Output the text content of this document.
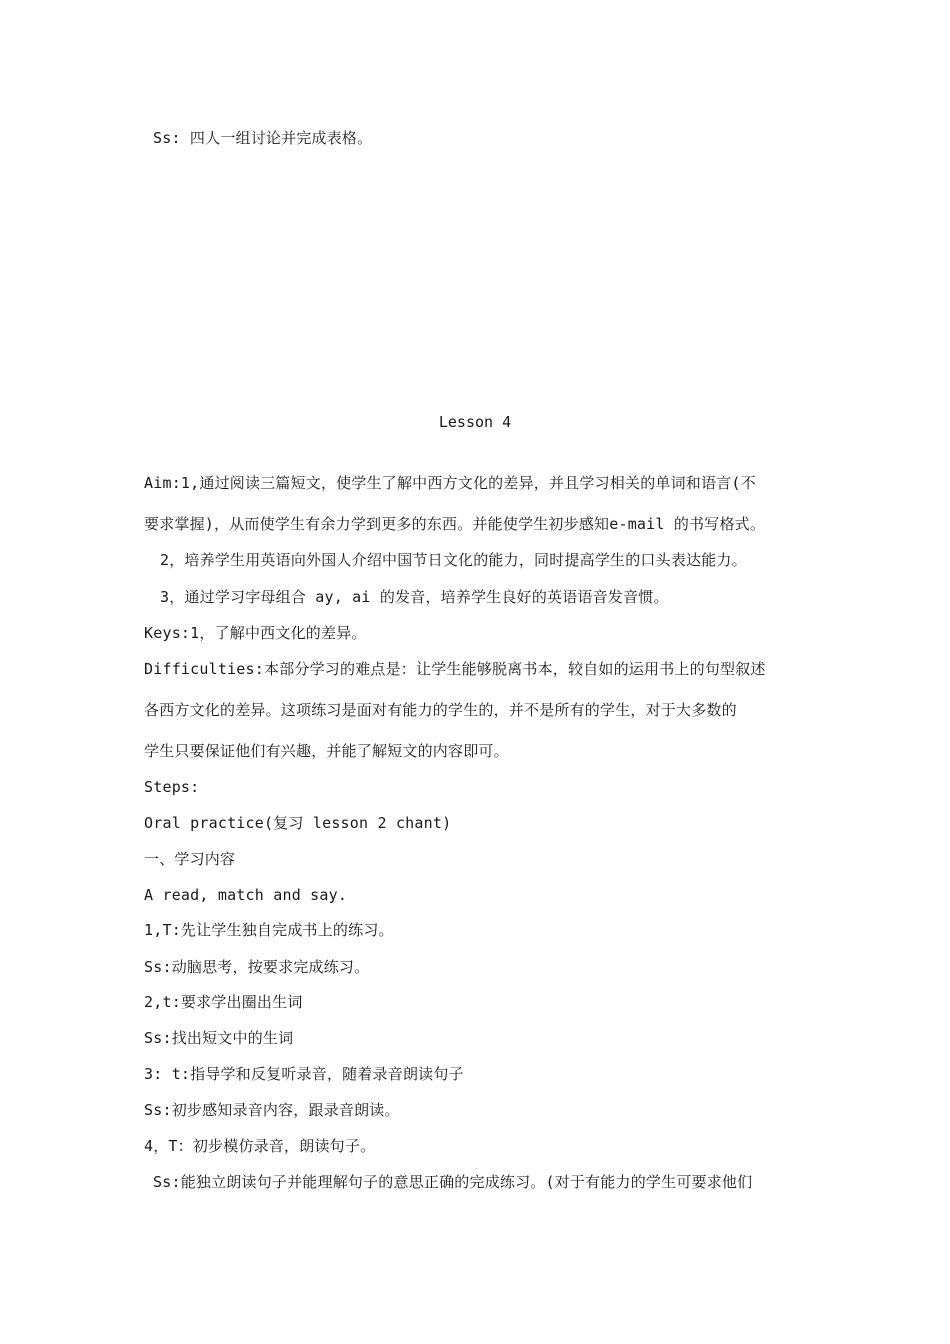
Ss: 四人一组讨论并完成表格。
Lesson 4
Aim:1,通过阅读三篇短文，使学生了解中西方文化的差异，并且学习相关的单词和语言(不
要求掌握)，从而使学生有余力学到更多的东西。并能使学生初步感知e-mail 的书写格式。
2，培养学生用英语向外国人介绍中国节日文化的能力，同时提高学生的口头表达能力。
3，通过学习字母组合 ay, ai 的发音，培养学生良好的英语语音发音惯。
Keys:1，了解中西文化的差异。
Difficulties:本部分学习的难点是：让学生能够脱离书本，较自如的运用书上的句型叙述
各西方文化的差异。这项练习是面对有能力的学生的，并不是所有的学生，对于大多数的
学生只要保证他们有兴趣，并能了解短文的内容即可。
Steps:
Oral practice(复习 lesson 2 chant)
一、学习内容
A read, match and say.
1,T:先让学生独自完成书上的练习。
Ss:动脑思考，按要求完成练习。
2,t:要求学出圈出生词
Ss:找出短文中的生词
3: t:指导学和反复听录音，随着录音朗读句子
Ss:初步感知录音内容，跟录音朗读。
4，T：初步模仿录音，朗读句子。
Ss:能独立朗读句子并能理解句子的意思正确的完成练习。(对于有能力的学生可要求他们
